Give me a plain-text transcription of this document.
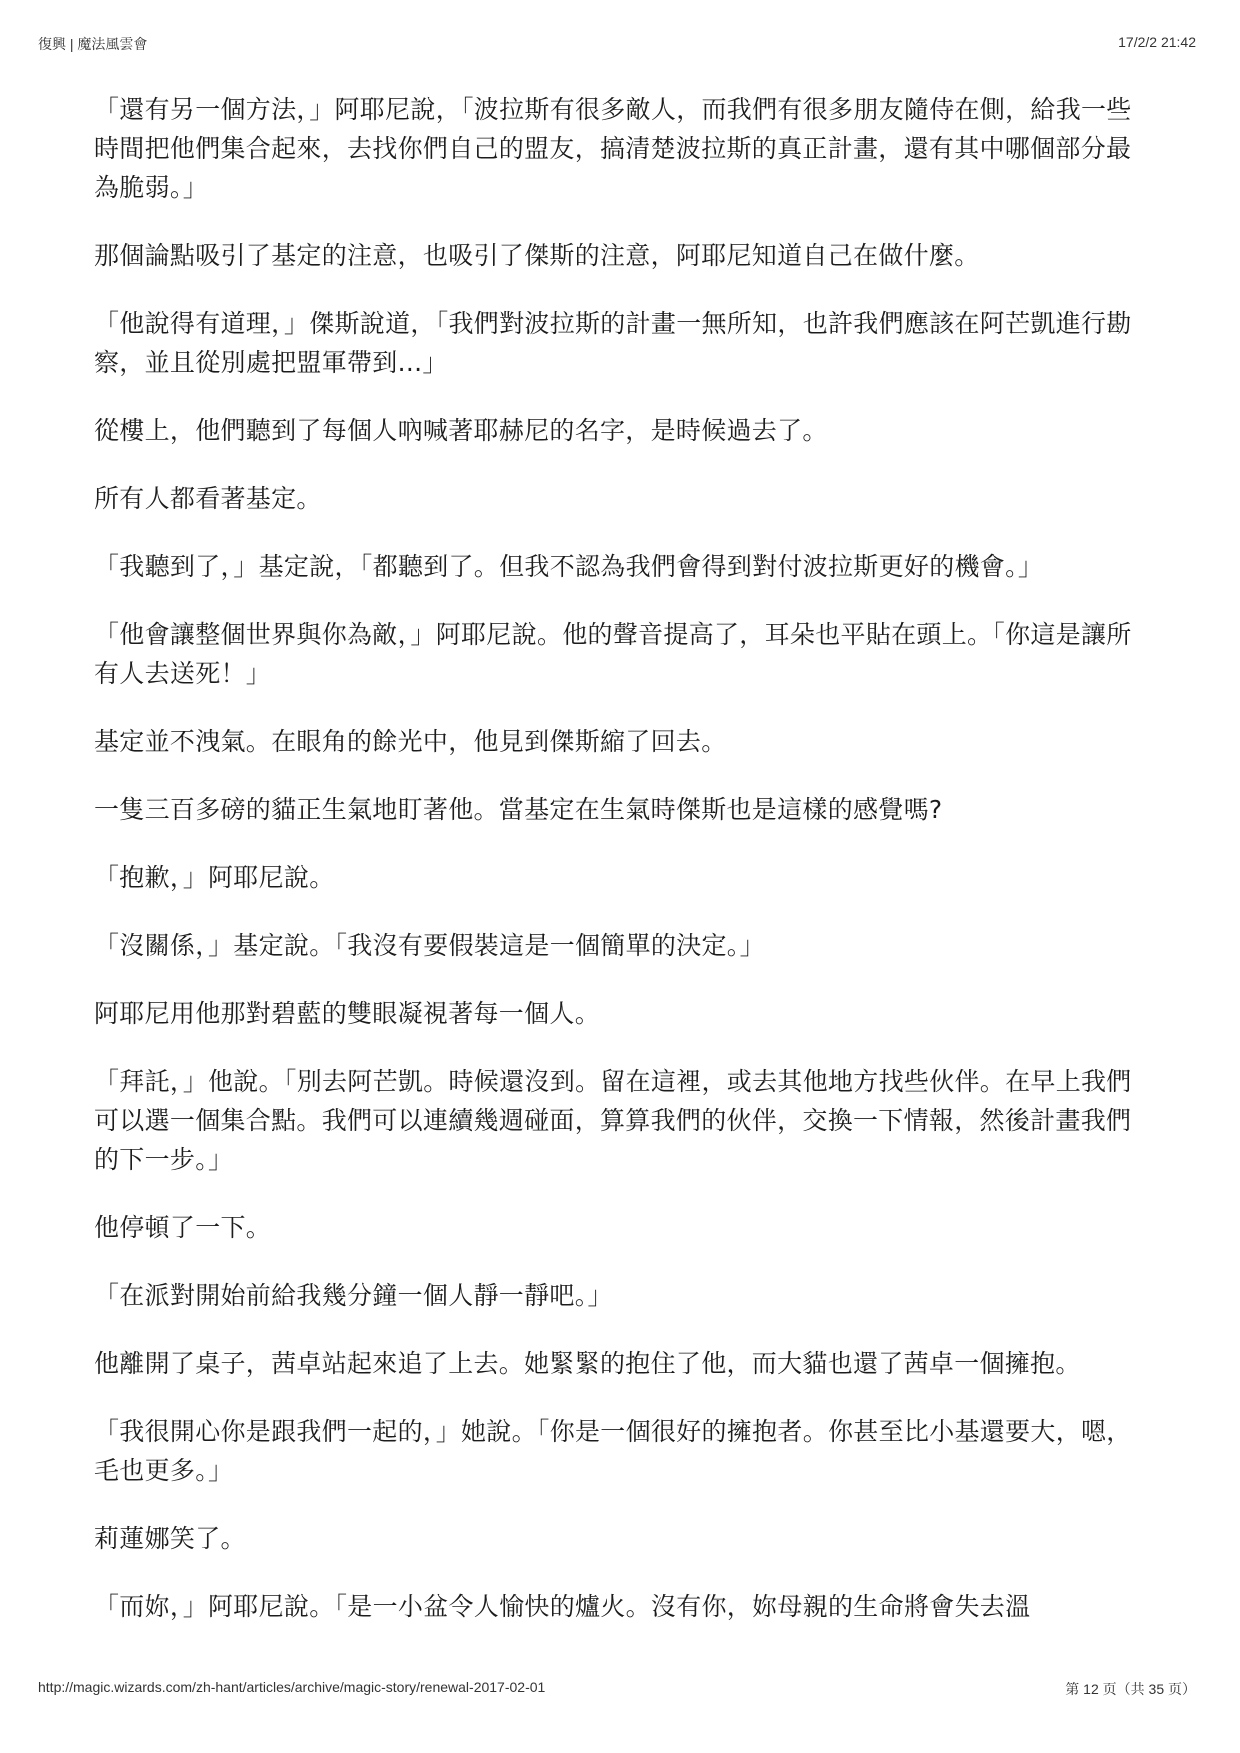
復興 | 魔法風雲會	17/2/2 21:42

「還有另一個方法，」阿耶尼說，「波拉斯有很多敵人，而我們有很多朋友隨侍在側，給我一些時間把他們集合起來，去找你們自己的盟友，搞清楚波拉斯的真正計畫，還有其中哪個部分最為脆弱。」

那個論點吸引了基定的注意，也吸引了傑斯的注意，阿耶尼知道自己在做什麼。

「他說得有道理，」傑斯說道，「我們對波拉斯的計畫一無所知，也許我們應該在阿芒凱進行勘察，並且從別處把盟軍帶到...」

從樓上，他們聽到了每個人吶喊著耶赫尼的名字，是時候過去了。

所有人都看著基定。

「我聽到了，」基定說，「都聽到了。但我不認為我們會得到對付波拉斯更好的機會。」

「他會讓整個世界與你為敵，」阿耶尼說。他的聲音提高了，耳朵也平貼在頭上。「你這是讓所有人去送死！」

基定並不洩氣。在眼角的餘光中，他見到傑斯縮了回去。

一隻三百多磅的貓正生氣地盯著他。當基定在生氣時傑斯也是這樣的感覺嗎?

「抱歉，」阿耶尼說。

「沒關係，」基定說。「我沒有要假裝這是一個簡單的決定。」

阿耶尼用他那對碧藍的雙眼凝視著每一個人。

「拜託，」他說。「別去阿芒凱。時候還沒到。留在這裡，或去其他地方找些伙伴。在早上我們可以選一個集合點。我們可以連續幾週碰面，算算我們的伙伴，交換一下情報，然後計畫我們的下一步。」

他停頓了一下。

「在派對開始前給我幾分鐘一個人靜一靜吧。」

他離開了桌子，茜卓站起來追了上去。她緊緊的抱住了他，而大貓也還了茜卓一個擁抱。

「我很開心你是跟我們一起的，」她說。「你是一個很好的擁抱者。你甚至比小基還要大，嗯，毛也更多。」

莉蓮娜笑了。

「而妳，」阿耶尼說。「是一小盆令人愉快的爐火。沒有你，妳母親的生命將會失去溫

http://magic.wizards.com/zh-hant/articles/archive/magic-story/renewal-2017-02-01	第 12 页（共 35 页）
